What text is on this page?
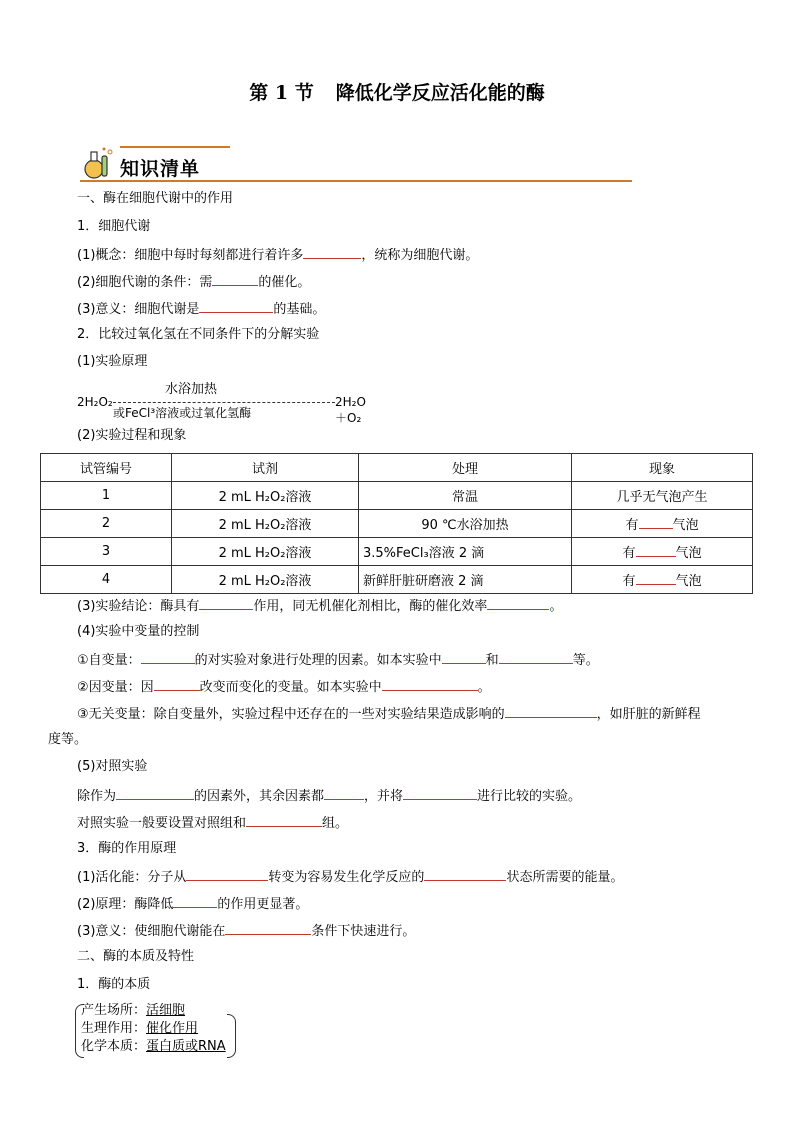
第 1 节 降低化学反应活化能的酶
知识清单
一、酶在细胞代谢中的作用
1．细胞代谢
(1)概念：细胞中每时每刻都进行着许多	，统称为细胞代谢。
(2)细胞代谢的条件：需	的催化。
(3)意义：细胞代谢是	的基础。
2．比较过氧化氢在不同条件下的分解实验
(1)实验原理
2H₂O₂
水浴加热
或FeCl³溶液或过氧化氢酶
2H₂O＋O₂
(2)实验过程和现象
试管编号	试剂	处理	现象
1	2 mL H₂O₂溶液	常温	几乎无气泡产生
2	2 mL H₂O₂溶液	90 ℃水浴加热	有 气泡
3	2 mL H₂O₂溶液	3.5%FeCl₃溶液 2 滴	有 气泡
4	2 mL H₂O₂溶液	新鲜肝脏研磨液 2 滴	有 气泡
(3)实验结论：酶具有	作用，同无机催化剂相比，酶的催化效率	。
(4)实验中变量的控制
①自变量：	的对实验对象进行处理的因素。如本实验中	和	等。
②因变量：因	改变而变化的变量。如本实验中	。
③无关变量：除自变量外，实验过程中还存在的一些对实验结果造成影响的	，如肝脏的新鲜程
度等。
(5)对照实验
除作为	的因素外，其余因素都	，并将	进行比较的实验。
对照实验一般要设置对照组和	组。
3．酶的作用原理
(1)活化能：分子从	转变为容易发生化学反应的	状态所需要的能量。
(2)原理：酶降低	的作用更显著。
(3)意义：使细胞代谢能在	条件下快速进行。
二、酶的本质及特性
1．酶的本质
产生场所：活细胞
生理作用：催化作用
化学本质：蛋白质或RNA
